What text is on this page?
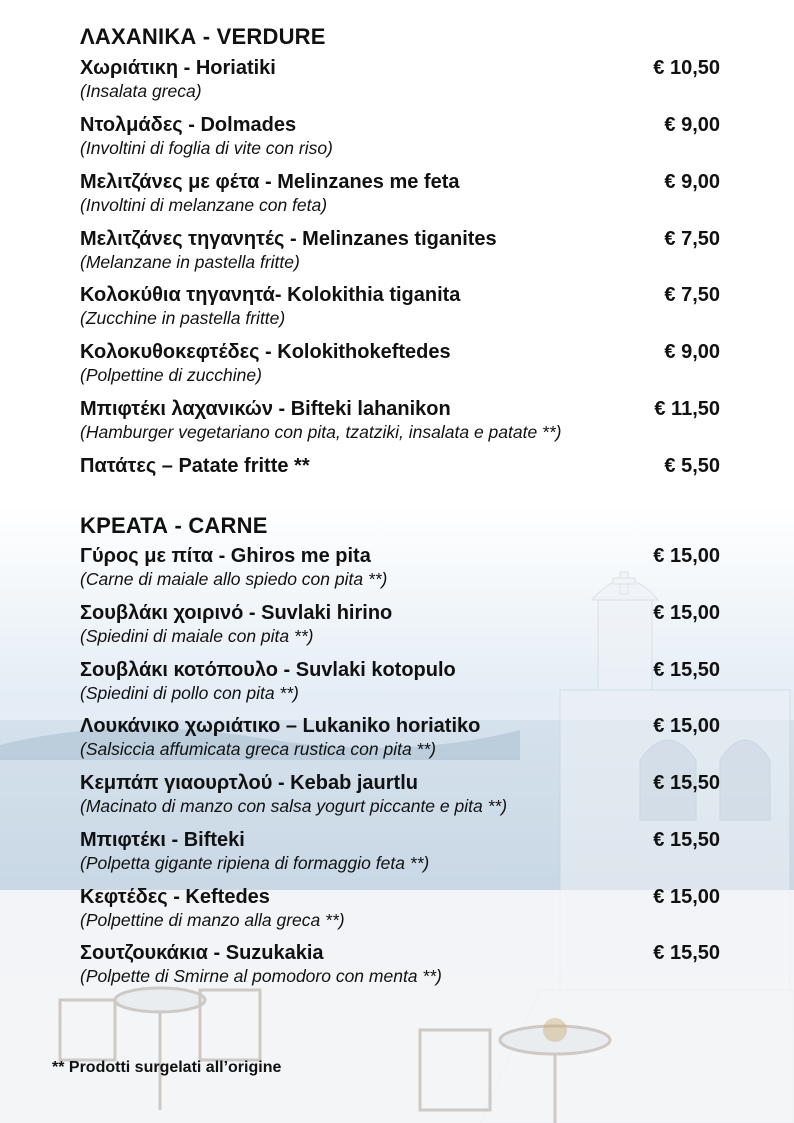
ΛΑΧΑΝΙΚΑ - VERDURE
Χωριάτικη - Horiatiki	€ 10,50
(Insalata greca)
Ντολμάδες - Dolmades	€ 9,00
(Involtini di foglia di vite con riso)
Μελιτζάνες με φέτα - Melinzanes me feta	€ 9,00
(Involtini di melanzane con feta)
Μελιτζάνες τηγανητές - Melinzanes tiganites	€ 7,50
(Melanzane in pastella fritte)
Κολοκύθια τηγανητά- Kolokithia tiganita	€ 7,50
(Zucchine in pastella fritte)
Κολοκυθοκεφτέδες - Kolokithokeftedes	€ 9,00
(Polpettine di zucchine)
Μπιφτέκι λαχανικών - Bifteki lahanikon	€ 11,50
(Hamburger vegetariano con pita, tzatziki, insalata e patate **)
Πατάτες – Patate fritte **	€ 5,50
ΚΡΕΑΤΑ - CARNE
Γύρος με πίτα - Ghiros me pita	€ 15,00
(Carne di maiale allo spiedo con pita **)
Σουβλάκι χοιρινό - Suvlaki hirino	€ 15,00
(Spiedini di maiale con pita **)
Σουβλάκι κοτόπουλο - Suvlaki kotopulo	€ 15,50
(Spiedini di pollo con pita **)
Λουκάνικο χωριάτικο – Lukaniko horiatiko	€ 15,00
(Salsiccia affumicata greca rustica con pita **)
Κεμπάπ γιαουρτλού - Kebab jaurtlu	€ 15,50
(Macinato di manzo con salsa yogurt piccante e pita **)
Μπιφτέκι - Bifteki	€ 15,50
(Polpetta gigante ripiena di formaggio feta **)
Κεφτέδες - Keftedes	€ 15,00
(Polpettine di manzo alla greca **)
Σουτζουκάκια - Suzukakia	€ 15,50
(Polpette di Smirne al pomodoro con menta **)
** Prodotti surgelati all’origine
